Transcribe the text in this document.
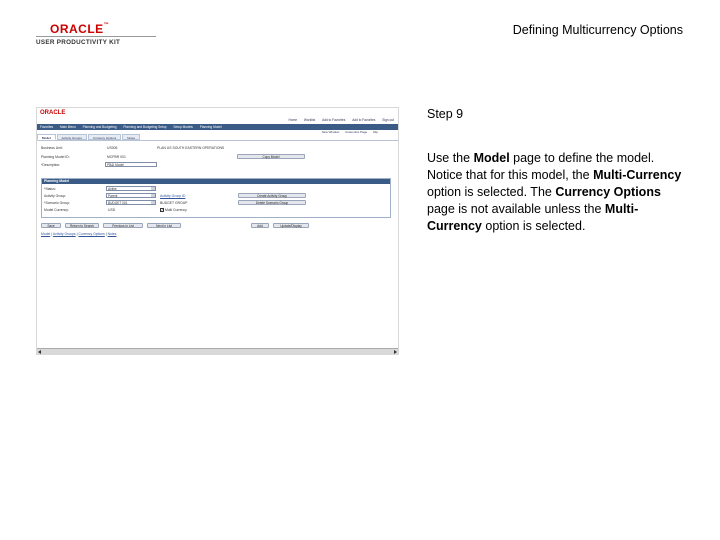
ORACLE ™
USER PRODUCTIVITY KIT
Defining Multicurrency Options
ORACLE
Home Worklist Add to Favorites Add to Favorites Sign out
Favorites Main Menu Planning and Budgeting Planning and Budgeting Setup Setup Models Planning Model
New Window Customize Page http
Model	Activity Groups	Currency Options	Notes
Business Unit:	US005	PLAN US SOUTH EASTERN OPERATIONS
Planning Model ID:	MCPBR 001	Copy Model
*Description:	PB&I Model
Planning Model
*Status:	Active
Activity Group:	Parent	Activity Group ID	Create Activity Group
*Scenario Group:	BUDGET 001	BUDGET GROUP	Delete Scenario Group
Model Currency:	USD	✓ Multi Currency
Save	Return to Search	Previous in List	Next in List	Add	Update/Display
Model | Activity Groups | Currency Options | Notes
Step 9
Use the Model page to define the model. Notice that for this model, the Multi-Currency option is selected. The Currency Options page is not available unless the Multi-Currency option is selected.
